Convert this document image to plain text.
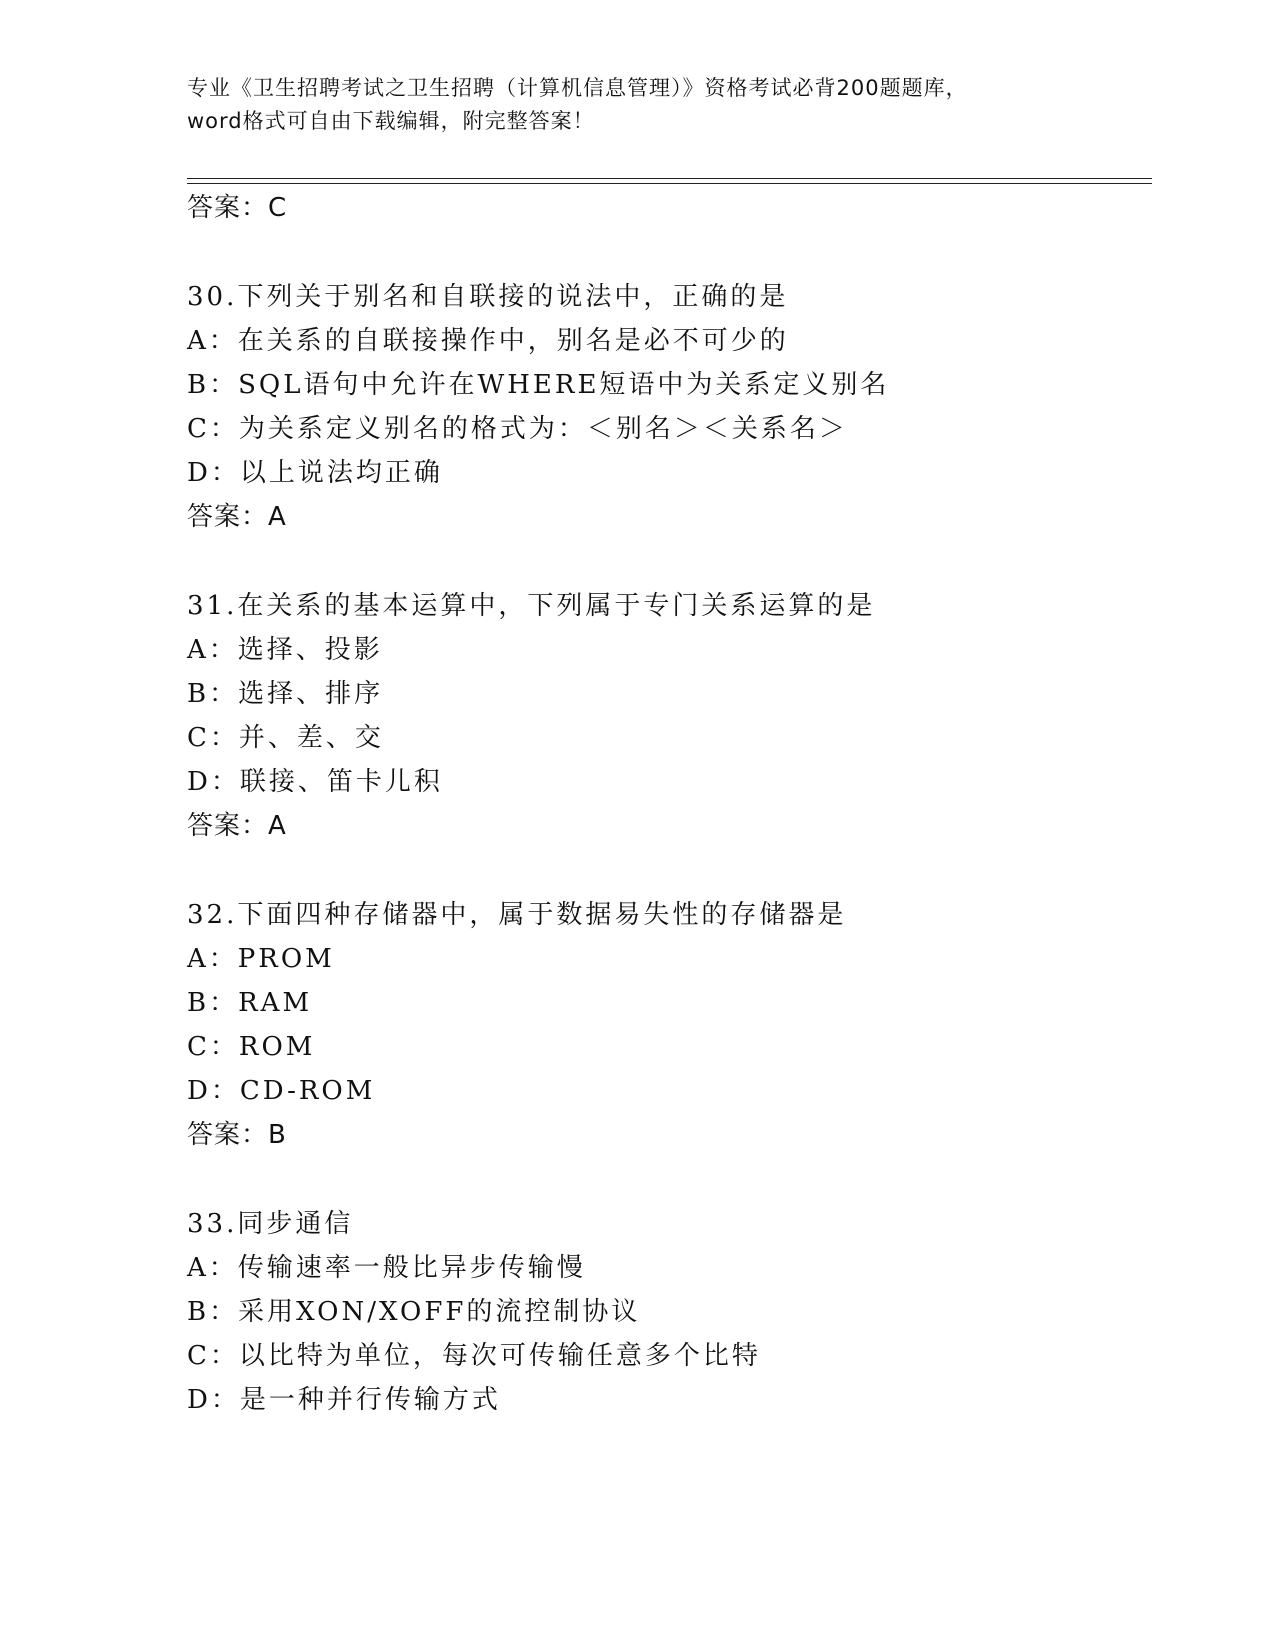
专业《卫生招聘考试之卫生招聘（计算机信息管理）》资格考试必背200题题库，
word格式可自由下载编辑，附完整答案！
答案：C
30.下列关于别名和自联接的说法中，正确的是
A：在关系的自联接操作中，别名是必不可少的
B：SQL语句中允许在WHERE短语中为关系定义别名
C：为关系定义别名的格式为：＜别名＞＜关系名＞
D：以上说法均正确
答案：A
31.在关系的基本运算中，下列属于专门关系运算的是
A：选择、投影
B：选择、排序
C：并、差、交
D：联接、笛卡儿积
答案：A
32.下面四种存储器中，属于数据易失性的存储器是
A：PROM
B：RAM
C：ROM
D：CD-ROM
答案：B
33.同步通信
A：传输速率一般比异步传输慢
B：采用XON/XOFF的流控制协议
C：以比特为单位，每次可传输任意多个比特
D：是一种并行传输方式
